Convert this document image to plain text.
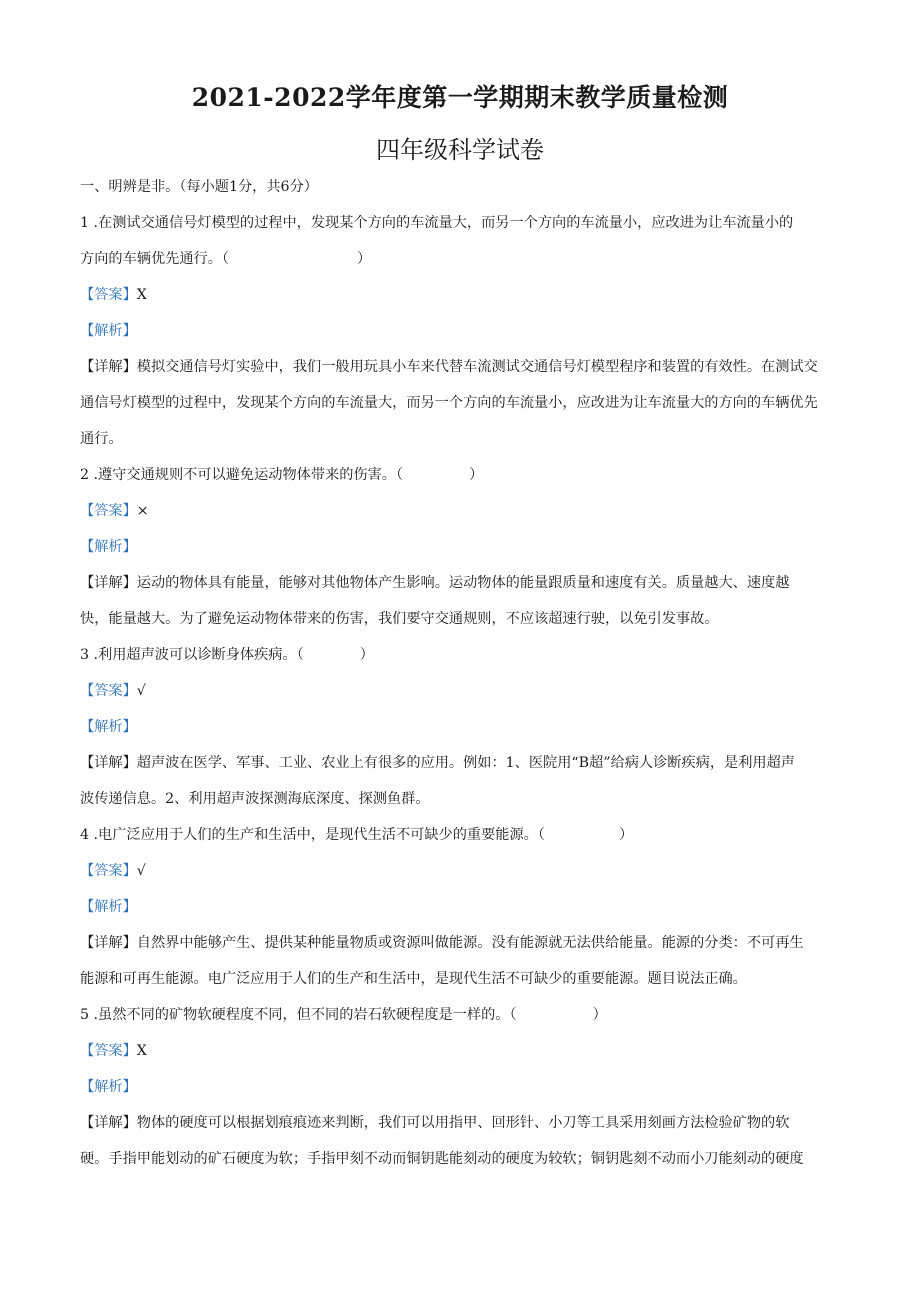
2021-2022学年度第一学期期末教学质量检测
四年级科学试卷
一、明辨是非。（每小题1分，共6分）
1 .在测试交通信号灯模型的过程中，发现某个方向的车流量大，而另一个方向的车流量小，应改进为让车流量小的
方向的车辆优先通行。（	）
【答案】X
【解析】
【详解】模拟交通信号灯实验中，我们一般用玩具小车来代替车流测试交通信号灯模型程序和装置的有效性。在测试交
通信号灯模型的过程中，发现某个方向的车流量大，而另一个方向的车流量小，应改进为让车流量大的方向的车辆优先
通行。
2 .遵守交通规则不可以避免运动物体带来的伤害。（	）
【答案】×
【解析】
【详解】运动的物体具有能量，能够对其他物体产生影响。运动物体的能量跟质量和速度有关。质量越大、速度越
快，能量越大。为了避免运动物体带来的伤害，我们要守交通规则，不应该超速行驶，以免引发事故。
3 .利用超声波可以诊断身体疾病。（	）
【答案】√
【解析】
【详解】超声波在医学、军事、工业、农业上有很多的应用。例如：1、医院用“B超”给病人诊断疾病，是利用超声
波传递信息。2、利用超声波探测海底深度、探测鱼群。
4 .电广泛应用于人们的生产和生活中，是现代生活不可缺少的重要能源。（	）
【答案】√
【解析】
【详解】自然界中能够产生、提供某种能量物质或资源叫做能源。没有能源就无法供给能量。能源的分类：不可再生
能源和可再生能源。电广泛应用于人们的生产和生活中，是现代生活不可缺少的重要能源。题目说法正确。
5 .虽然不同的矿物软硬程度不同，但不同的岩石软硬程度是一样的。（	）
【答案】X
【解析】
【详解】物体的硬度可以根据划痕痕迹来判断，我们可以用指甲、回形针、小刀等工具采用刻画方法检验矿物的软
硬。手指甲能划动的矿石硬度为软；手指甲刻不动而铜钥匙能刻动的硬度为较软；铜钥匙刻不动而小刀能刻动的硬度
